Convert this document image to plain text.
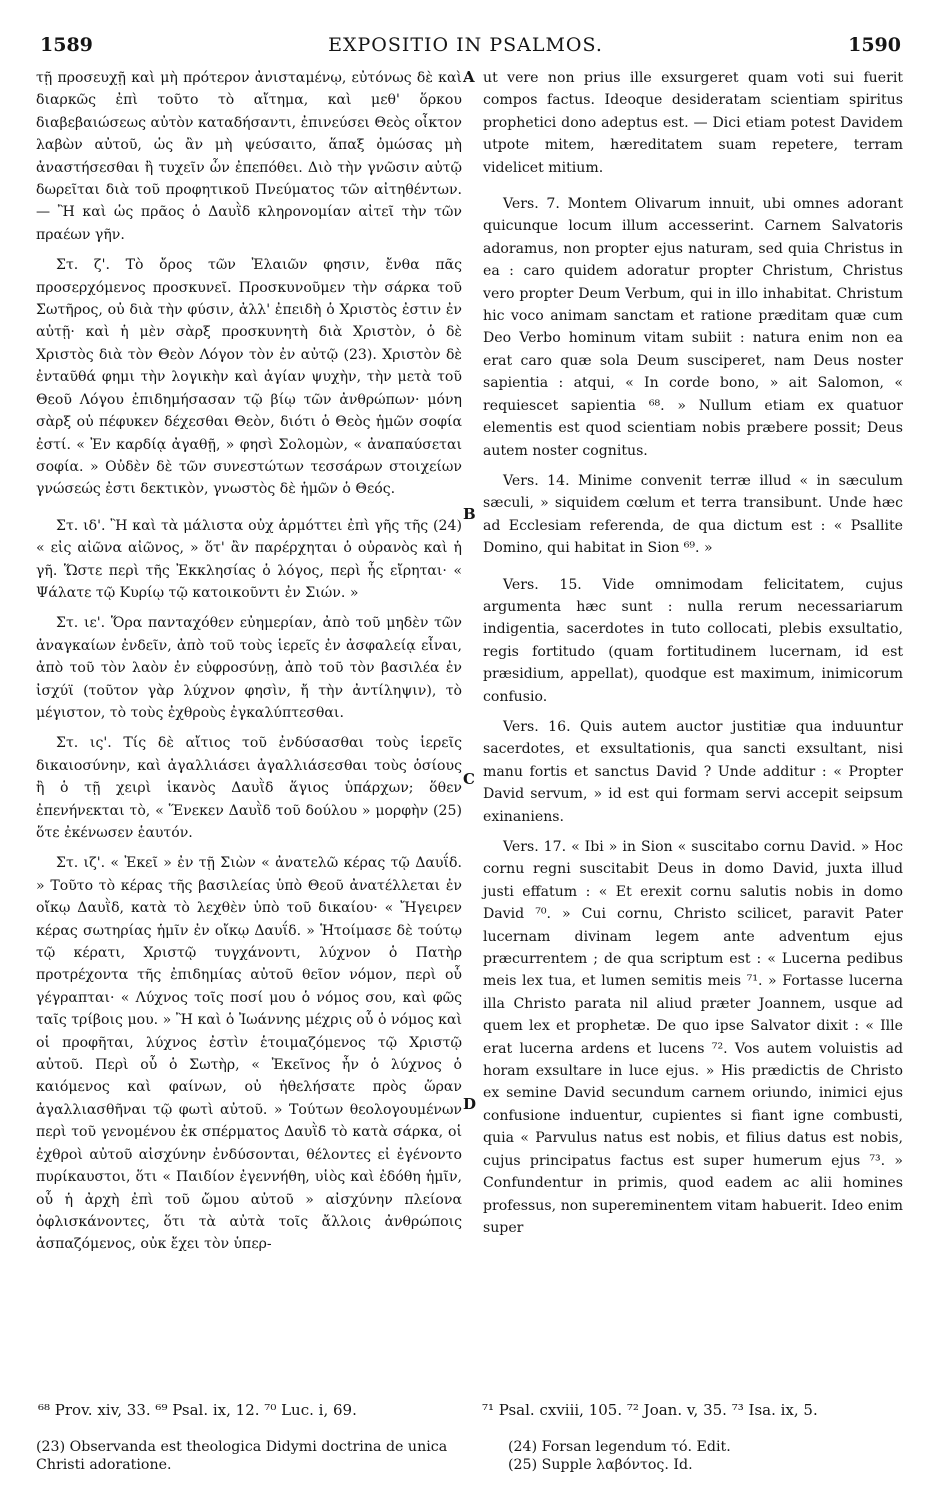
1589	EXPOSITIO IN PSALMOS.	1590

τῇ προσευχῇ καὶ μὴ πρότερον ἀνισταμένῳ, εὐτόνως δὲ καὶ διαρκῶς ἐπὶ τοῦτο τὸ αἴτημα, καὶ μεθ' ὅρκου διαβεβαιώσεως αὐτὸν καταδήσαντι, ἐπινεύσει Θεὸς οἶκτον λαβὼν αὐτοῦ, ὡς ἂν μὴ ψεύσαιτο, ἅπαξ ὀμώσας μὴ ἀναστήσεσθαι ἢ τυχεῖν ὧν ἐπεπόθει. Διὸ τὴν γνῶσιν αὐτῷ δωρεῖται διὰ τοῦ προφητικοῦ Πνεύματος τῶν αἰτηθέντων. — Ἢ καὶ ὡς πρᾶος ὁ Δαυῒδ κληρονομίαν αἰτεῖ τὴν τῶν πραέων γῆν.

Στ. ζ'. Τὸ ὄρος τῶν Ἐλαιῶν φησιν, ἔνθα πᾶς προσερχόμενος προσκυνεῖ. Προσκυνοῦμεν τὴν σάρκα τοῦ Σωτῆρος, οὐ διὰ τὴν φύσιν, ἀλλ' ἐπειδὴ ὁ Χριστὸς ἐστιν ἐν αὐτῇ· καὶ ἡ μὲν σὰρξ προσκυνητὴ διὰ Χριστὸν, ὁ δὲ Χριστὸς διὰ τὸν Θεὸν Λόγον τὸν ἐν αὐτῷ (23). Χριστὸν δὲ ἐνταῦθά φημι τὴν λογικὴν καὶ ἁγίαν ψυχὴν, τὴν μετὰ τοῦ Θεοῦ Λόγου ἐπιδημήσασαν τῷ βίῳ τῶν ἀνθρώπων· μόνη σὰρξ οὐ πέφυκεν δέχεσθαι Θεὸν, διότι ὁ Θεὸς ἡμῶν σοφία ἐστί. « Ἐν καρδίᾳ ἀγαθῇ, » φησὶ Σολομὼν, « ἀναπαύσεται σοφία. » Οὐδὲν δὲ τῶν συνεστώτων τεσσάρων στοιχείων γνώσεώς ἐστι δεκτικὸν, γνωστὸς δὲ ἡμῶν ὁ Θεός.

Στ. ιδ'. Ἢ καὶ τὰ μάλιστα οὐχ ἁρμόττει ἐπὶ γῆς τῆς (24) « εἰς αἰῶνα αἰῶνος, » ὅτ' ἂν παρέρχηται ὁ οὐρανὸς καὶ ἡ γῆ. Ὥστε περὶ τῆς Ἐκκλησίας ὁ λόγος, περὶ ἧς εἴρηται· « Ψάλατε τῷ Κυρίῳ τῷ κατοικοῦντι ἐν Σιών. »

Στ. ιε'. Ὅρα πανταχόθεν εὐημερίαν, ἀπὸ τοῦ μηδὲν τῶν ἀναγκαίων ἐνδεῖν, ἀπὸ τοῦ τοὺς ἱερεῖς ἐν ἀσφαλείᾳ εἶναι, ἀπὸ τοῦ τὸν λαὸν ἐν εὐφροσύνῃ, ἀπὸ τοῦ τὸν βασιλέα ἐν ἰσχύϊ (τοῦτον γὰρ λύχνον φησὶν, ἤ τὴν ἀντίληψιν), τὸ μέγιστον, τὸ τοὺς ἐχθροὺς ἐγκαλύπτεσθαι.

Στ. ις'. Τίς δὲ αἴτιος τοῦ ἐνδύσασθαι τοὺς ἱερεῖς δικαιοσύνην, καὶ ἀγαλλιάσει ἀγαλλιάσεσθαι τοὺς ὁσίους ἢ ὁ τῇ χειρὶ ἱκανὸς Δαυῒδ ἅγιος ὑπάρχων; ὅθεν ἐπενήνεκται τὸ, « Ἕνεκεν Δαυῒδ τοῦ δούλου » μορφὴν (25) ὅτε ἐκένωσεν ἑαυτόν.

Στ. ιζ'. « Ἐκεῖ » ἐν τῇ Σιὼν « ἀνατελῶ κέρας τῷ Δαυΐδ. » Τοῦτο τὸ κέρας τῆς βασιλείας ὑπὸ Θεοῦ ἀνατέλλεται ἐν οἴκῳ Δαυῒδ, κατὰ τὸ λεχθὲν ὑπὸ τοῦ δικαίου· « Ἤγειρεν κέρας σωτηρίας ἡμῖν ἐν οἴκῳ Δαυΐδ. » Ἡτοίμασε δὲ τούτῳ τῷ κέρατι, Χριστῷ τυγχάνοντι, λύχνον ὁ Πατὴρ προτρέχοντα τῆς ἐπιδημίας αὐτοῦ θεῖον νόμον, περὶ οὗ γέγραπται· « Λύχνος τοῖς ποσί μου ὁ νόμος σου, καὶ φῶς ταῖς τρίβοις μου. » Ἢ καὶ ὁ Ἰωάννης μέχρις οὗ ὁ νόμος καὶ οἱ προφῆται, λύχνος ἐστὶν ἑτοιμαζόμενος τῷ Χριστῷ αὐτοῦ. Περὶ οὗ ὁ Σωτὴρ, « Ἐκεῖνος ἦν ὁ λύχνος ὁ καιόμενος καὶ φαίνων, οὐ ἠθελήσατε πρὸς ὥραν ἀγαλλιασθῆναι τῷ φωτὶ αὐτοῦ. » Τούτων θεολογουμένων περὶ τοῦ γενομένου ἐκ σπέρματος Δαυῒδ τὸ κατὰ σάρκα, οἱ ἐχθροὶ αὐτοῦ αἰσχύνην ἐνδύσονται, θέλοντες εἰ ἐγένοντο πυρίκαυστοι, ὅτι « Παιδίον ἐγεννήθη, υἱὸς καὶ ἐδόθη ἡμῖν, οὗ ἡ ἀρχὴ ἐπὶ τοῦ ὤμου αὐτοῦ » αἰσχύνην πλείονα ὀφλισκάνοντες, ὅτι τὰ αὐτὰ τοῖς ἄλλοις ἀνθρώποις ἀσπαζόμενος, οὐκ ἔχει τὸν ὑπερ-

A
B
C
D

ut vere non prius ille exsurgeret quam voti sui fuerit compos factus. Ideoque desideratam scientiam spiritus prophetici dono adeptus est. — Dici etiam potest Davidem utpote mitem, hæreditatem suam repetere, terram videlicet mitium.

Vers. 7. Montem Olivarum innuit, ubi omnes adorant quicunque locum illum accesserint. Carnem Salvatoris adoramus, non propter ejus naturam, sed quia Christus in ea : caro quidem adoratur propter Christum, Christus vero propter Deum Verbum, qui in illo inhabitat. Christum hic voco animam sanctam et ratione præditam quæ cum Deo Verbo hominum vitam subiit : natura enim non ea erat caro quæ sola Deum susciperet, nam Deus noster sapientia : atqui, « In corde bono, » ait Salomon, « requiescet sapientia ⁶⁸. » Nullum etiam ex quatuor elementis est quod scientiam nobis præbere possit; Deus autem noster cognitus.

Vers. 14. Minime convenit terræ illud « in sæculum sæculi, » siquidem cœlum et terra transibunt. Unde hæc ad Ecclesiam referenda, de qua dictum est : « Psallite Domino, qui habitat in Sion ⁶⁹. »

Vers. 15. Vide omnimodam felicitatem, cujus argumenta hæc sunt : nulla rerum necessariarum indigentia, sacerdotes in tuto collocati, plebis exsultatio, regis fortitudo (quam fortitudinem lucernam, id est præsidium, appellat), quodque est maximum, inimicorum confusio.

Vers. 16. Quis autem auctor justitiæ qua induuntur sacerdotes, et exsultationis, qua sancti exsultant, nisi manu fortis et sanctus David ? Unde additur : « Propter David servum, » id est qui formam servi accepit seipsum exinaniens.

Vers. 17. « Ibi » in Sion « suscitabo cornu David. » Hoc cornu regni suscitabit Deus in domo David, juxta illud justi effatum : « Et erexit cornu salutis nobis in domo David ⁷⁰. » Cui cornu, Christo scilicet, paravit Pater lucernam divinam legem ante adventum ejus præcurrentem ; de qua scriptum est : « Lucerna pedibus meis lex tua, et lumen semitis meis ⁷¹. » Fortasse lucerna illa Christo parata nil aliud præter Joannem, usque ad quem lex et prophetæ. De quo ipse Salvator dixit : « Ille erat lucerna ardens et lucens ⁷². Vos autem voluistis ad horam exsultare in luce ejus. » His prædictis de Christo ex semine David secundum carnem oriundo, inimici ejus confusione induentur, cupientes si fiant igne combusti, quia « Parvulus natus est nobis, et filius datus est nobis, cujus principatus factus est super humerum ejus ⁷³. » Confundentur in primis, quod eadem ac alii homines professus, non supereminentem vitam habuerit. Ideo enim super

⁶⁸ Prov. xiv, 33. ⁶⁹ Psal. ix, 12. ⁷⁰ Luc. i, 69.	⁷¹ Psal. cxviii, 105. ⁷² Joan. v, 35. ⁷³ Isa. ix, 5.

(23) Observanda est theologica Didymi doctrina de unica Christi adoratione.

(24) Forsan legendum τό. Edit.

(25) Supple λαβόντος. Id.
